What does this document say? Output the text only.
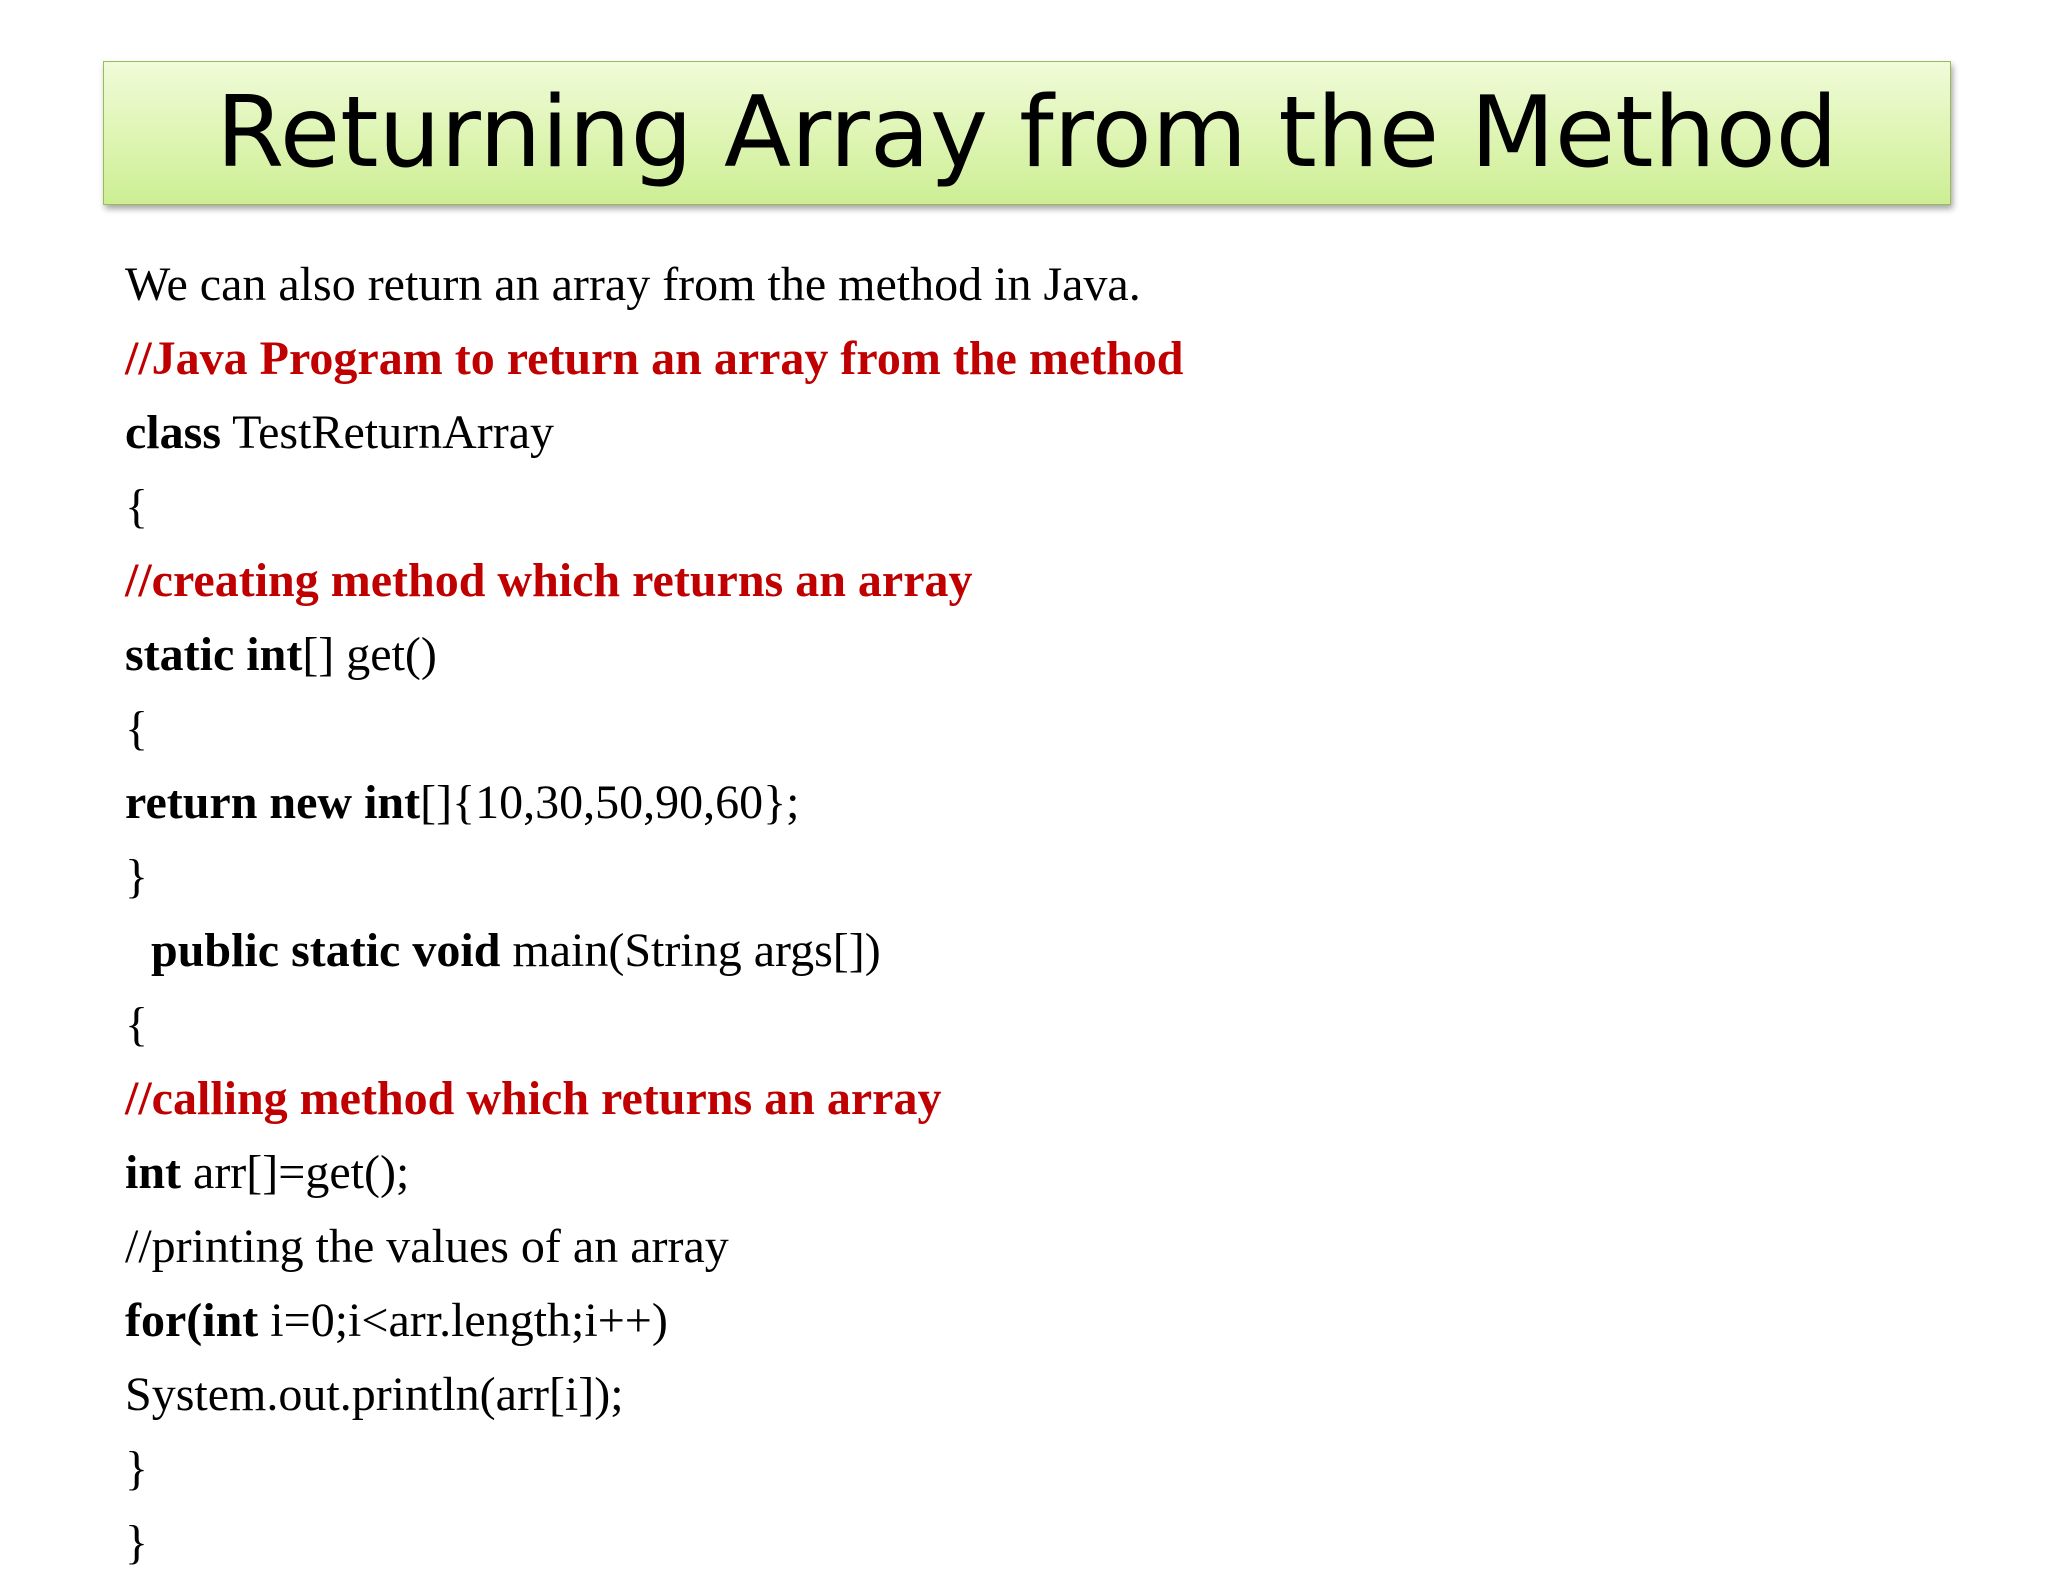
Returning Array from the Method
We can also return an array from the method in Java.
//Java Program to return an array from the method
class TestReturnArray
{
//creating method which returns an array
static int[] get()
{
return new int[]{10,30,50,90,60};
}
public static void main(String args[])
{
//calling method which returns an array
int arr[]=get();
//printing the values of an array
for(int i=0;i<arr.length;i++)
System.out.println(arr[i]);
}
}
